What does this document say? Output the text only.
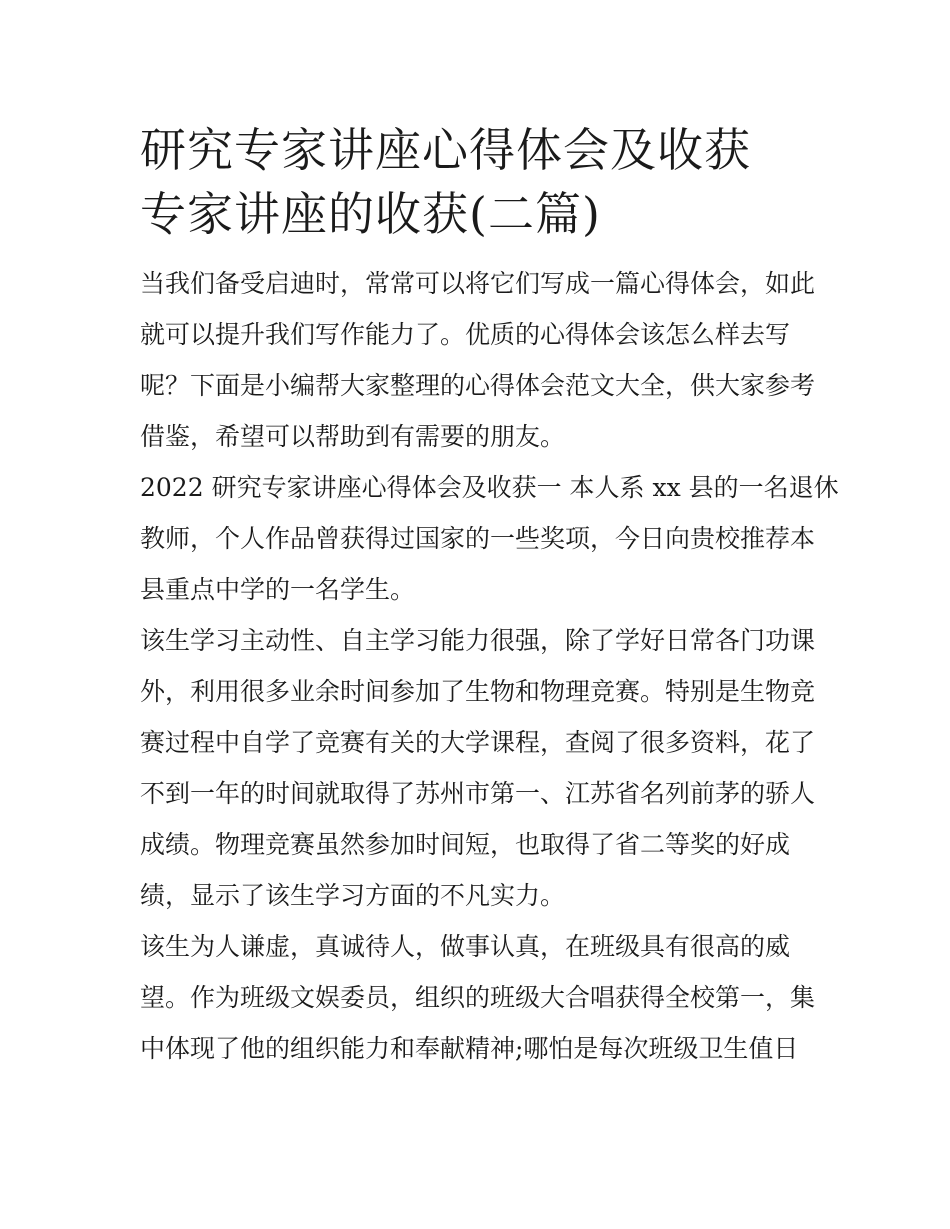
研究专家讲座心得体会及收获
专家讲座的收获(二篇)

当我们备受启迪时，常常可以将它们写成一篇心得体会，如此
就可以提升我们写作能力了。优质的心得体会该怎么样去写
呢？下面是小编帮大家整理的心得体会范文大全，供大家参考
借鉴，希望可以帮助到有需要的朋友。

2022 研究专家讲座心得体会及收获一 本人系 xx 县的一名退休
教师，个人作品曾获得过国家的一些奖项，今日向贵校推荐本
县重点中学的一名学生。

该生学习主动性、自主学习能力很强，除了学好日常各门功课
外，利用很多业余时间参加了生物和物理竞赛。特别是生物竞
赛过程中自学了竞赛有关的大学课程，查阅了很多资料，花了
不到一年的时间就取得了苏州市第一、江苏省名列前茅的骄人
成绩。物理竞赛虽然参加时间短，也取得了省二等奖的好成
绩，显示了该生学习方面的不凡实力。

该生为人谦虚，真诚待人，做事认真，在班级具有很高的威
望。作为班级文娱委员，组织的班级大合唱获得全校第一，集
中体现了他的组织能力和奉献精神;哪怕是每次班级卫生值日
